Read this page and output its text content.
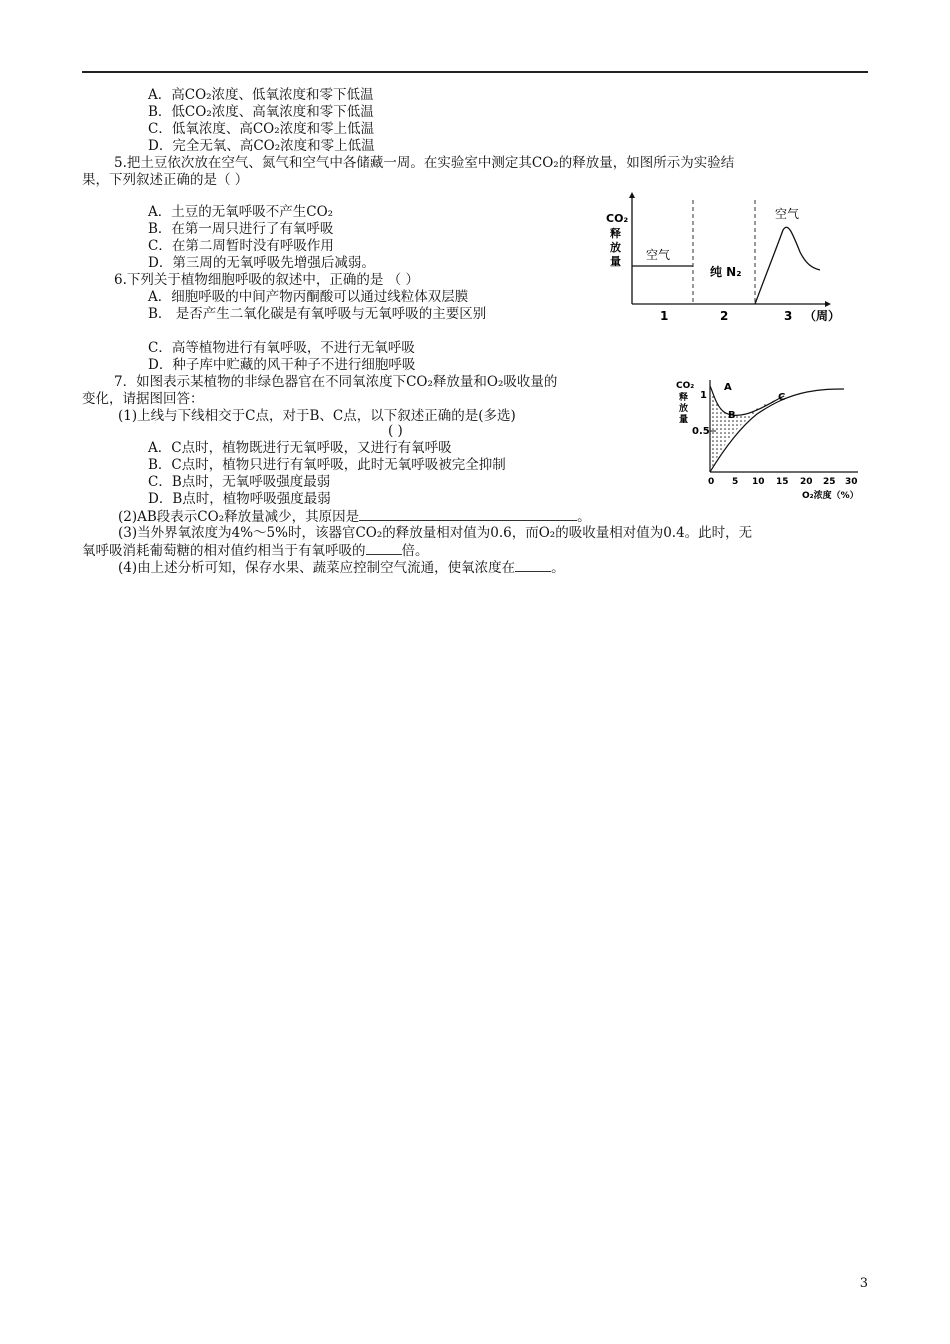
A．高CO₂浓度、低氧浓度和零下低温
B．低CO₂浓度、高氧浓度和零下低温
C．低氧浓度、高CO₂浓度和零上低温
D．完全无氧、高CO₂浓度和零上低温
5.把土豆依次放在空气、氮气和空气中各储藏一周。在实验室中测定其CO₂的释放量，如图所示为实验结
果，下列叙述正确的是（ ）
A．土豆的无氧呼吸不产生CO₂
B．在第一周只进行了有氧呼吸
C．在第二周暂时没有呼吸作用
D．第三周的无氧呼吸先增强后减弱。
CO₂
释
放
量 空气
纯 N₂
空气
1	2	3 （周）
6.下列关于植物细胞呼吸的叙述中，正确的是 （ ）
A．细胞呼吸的中间产物丙酮酸可以通过线粒体双层膜
B． 是否产生二氧化碳是有氧呼吸与无氧呼吸的主要区别
C．高等植物进行有氧呼吸，不进行无氧呼吸
D．种子库中贮藏的风干种子不进行细胞呼吸
7．如图表示某植物的非绿色器官在不同氧浓度下CO₂释放量和O₂吸收量的
变化，请据图回答：
(1)上线与下线相交于C点，对于B、C点，以下叙述正确的是(多选)
( )
A．C点时，植物既进行无氧呼吸，又进行有氧呼吸
B．C点时，植物只进行有氧呼吸，此时无氧呼吸被完全抑制
C．B点时，无氧呼吸强度最弱
D．B点时，植物呼吸强度最弱
(2)AB段表示CO₂释放量减少，其原因是	。
(3)当外界氧浓度为4%～5%时，该器官CO₂的释放量相对值为0.6，而O₂的吸收量相对值为0.4。此时，无
氧呼吸消耗葡萄糖的相对值约相当于有氧呼吸的	倍。
(4)由上述分析可知，保存水果、蔬菜应控制空气流通，使氧浓度在	。
CO₂
释
放
量
1
0.5
A
B
C
0 5 10 15 20 25 30
O₂浓度（%）
3
